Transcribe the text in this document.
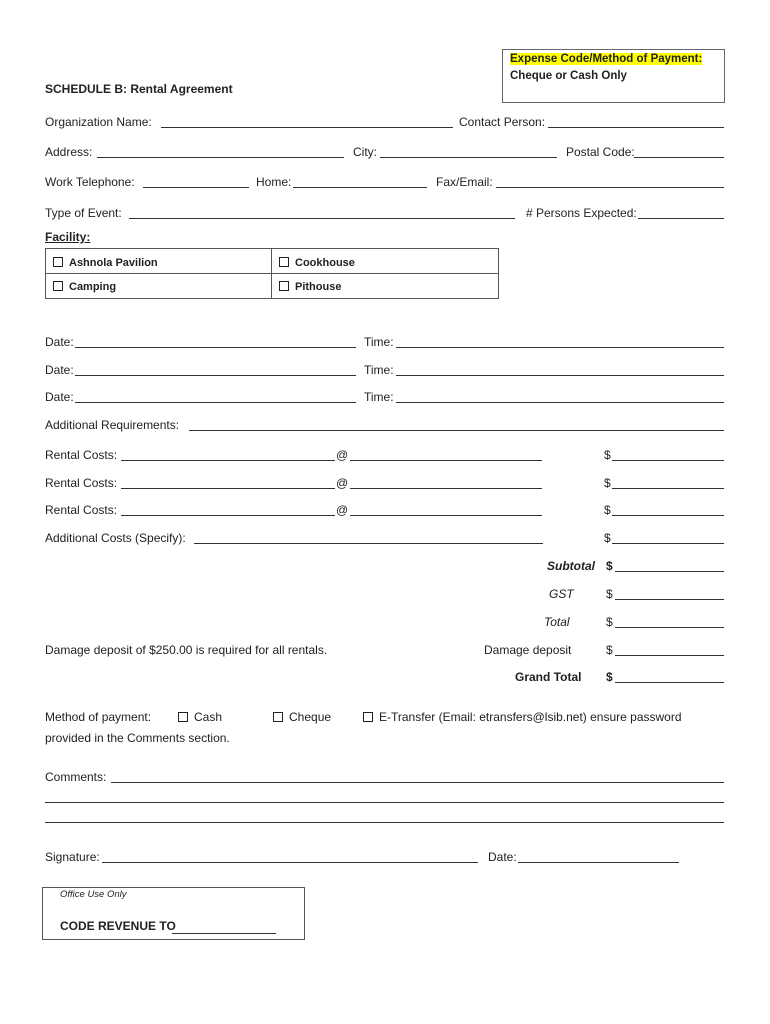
Expense Code/Method of Payment:
Cheque or Cash Only
SCHEDULE B: Rental Agreement
Organization Name:	Contact Person:
Address:	City:	Postal Code:
Work Telephone:	Home:	Fax/Email:
Type of Event:	# Persons Expected:
Facility:
Ashnola Pavilion	Cookhouse
Camping	Pithouse
Date:	Time:
Date:	Time:
Date:	Time:
Additional Requirements:
Rental Costs:	@	$
Rental Costs:	@	$
Rental Costs:	@	$
Additional Costs (Specify):	$
Subtotal $
GST	$
Total	$
Damage deposit of $250.00 is required for all rentals.	Damage deposit	$
Grand Total $
Method of payment:	Cash	Cheque	E-Transfer (Email: etransfers@lsib.net) ensure password
provided in the Comments section.
Comments:
Signature:	Date:
Office Use Only
CODE REVENUE TO
